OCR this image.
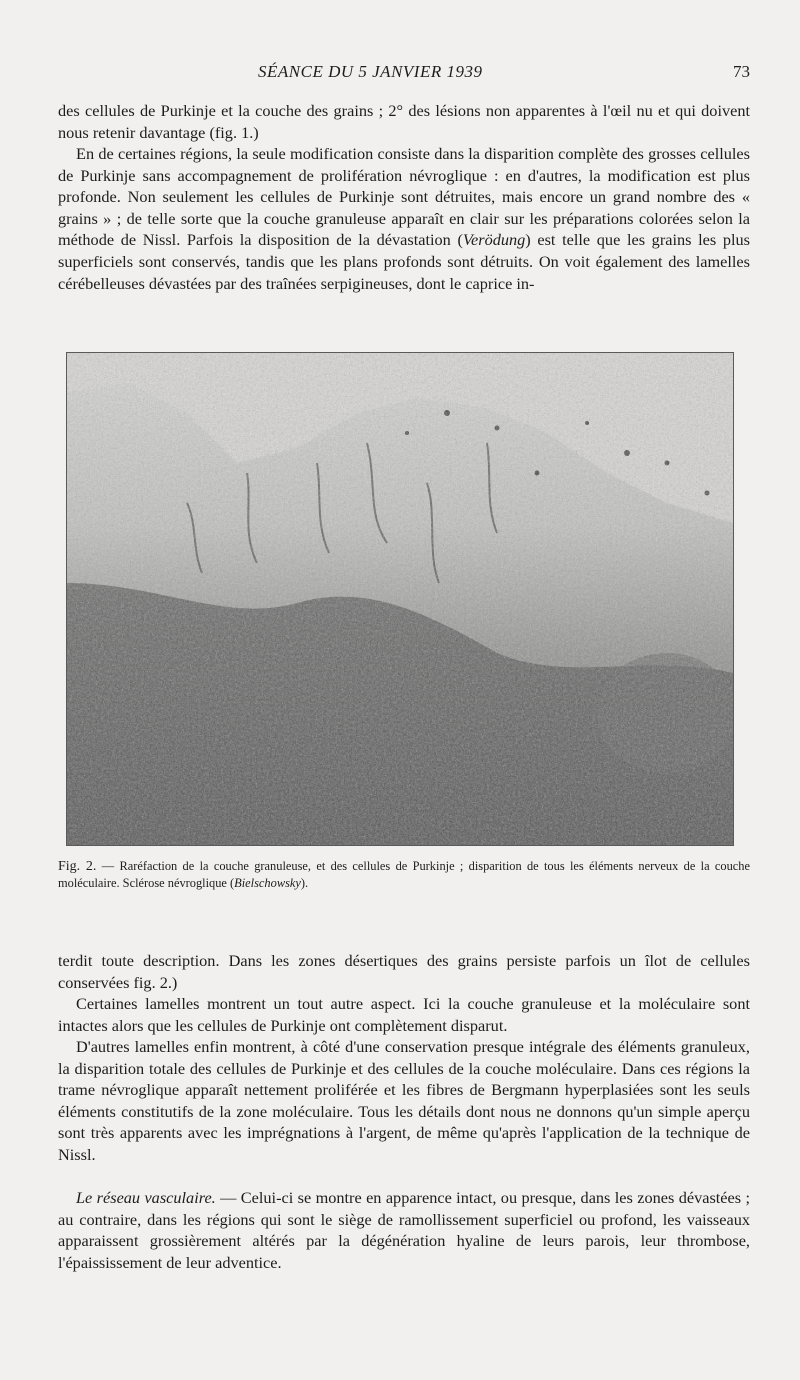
SÉANCE DU 5 JANVIER 1939	73

des cellules de Purkinje et la couche des grains ; 2° des lésions non apparentes à l'œil nu et qui doivent nous retenir davantage (fig. 1.)

En de certaines régions, la seule modification consiste dans la disparition complète des grosses cellules de Purkinje sans accompagnement de prolifération névroglique : en d'autres, la modification est plus profonde. Non seulement les cellules de Purkinje sont détruites, mais encore un grand nombre des « grains » ; de telle sorte que la couche granuleuse apparaît en clair sur les préparations colorées selon la méthode de Nissl. Parfois la disposition de la dévastation (Verödung) est telle que les grains les plus superficiels sont conservés, tandis que les plans profonds sont détruits. On voit également des lamelles cérébelleuses dévastées par des traînées serpigineuses, dont le caprice in-

Fig. 2. — Raréfaction de la couche granuleuse, et des cellules de Purkinje ; disparition de tous les éléments nerveux de la couche moléculaire. Sclérose névroglique (Bielschowsky).

terdit toute description. Dans les zones désertiques des grains persiste parfois un îlot de cellules conservées fig. 2.)

Certaines lamelles montrent un tout autre aspect. Ici la couche granuleuse et la moléculaire sont intactes alors que les cellules de Purkinje ont complètement disparut.

D'autres lamelles enfin montrent, à côté d'une conservation presque intégrale des éléments granuleux, la disparition totale des cellules de Purkinje et des cellules de la couche moléculaire. Dans ces régions la trame névroglique apparaît nettement proliférée et les fibres de Bergmann hyperplasiées sont les seuls éléments constitutifs de la zone moléculaire. Tous les détails dont nous ne donnons qu'un simple aperçu sont très apparents avec les imprégnations à l'argent, de même qu'après l'application de la technique de Nissl.

Le réseau vasculaire. — Celui-ci se montre en apparence intact, ou presque, dans les zones dévastées ; au contraire, dans les régions qui sont le siège de ramollissement superficiel ou profond, les vaisseaux apparaissent grossièrement altérés par la dégénération hyaline de leurs parois, leur thrombose, l'épaississement de leur adventice.
